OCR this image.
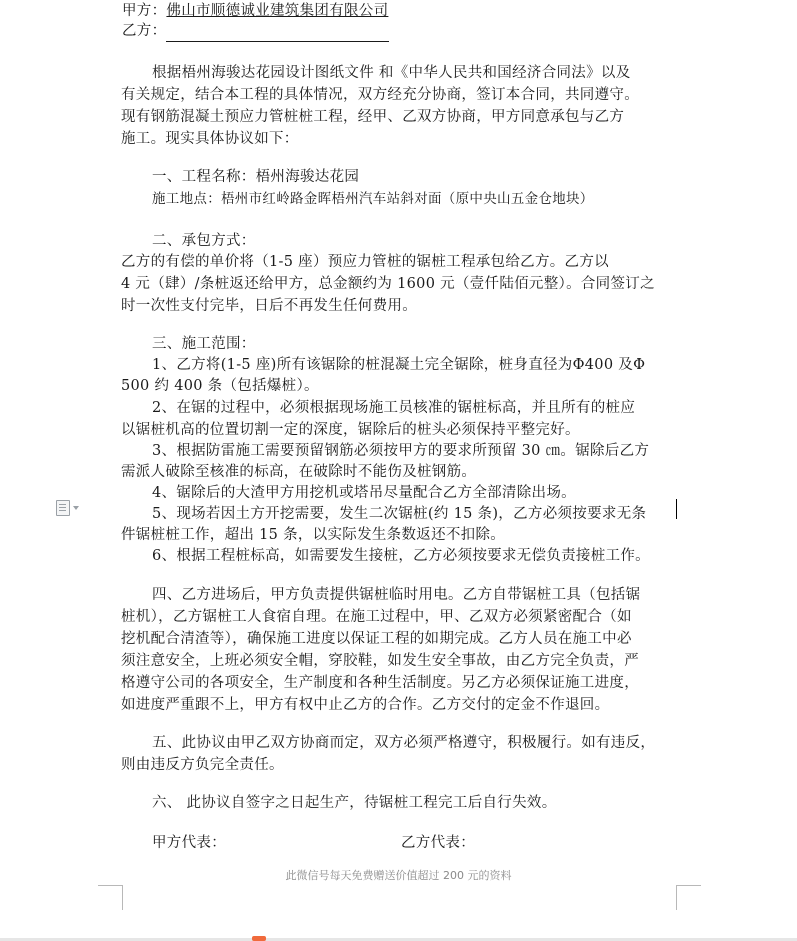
甲方：佛山市顺德诚业建筑集团有限公司
乙方：
根据梧州海骏达花园设计图纸文件 和《中华人民共和国经济合同法》以及
有关规定，结合本工程的具体情况，双方经充分协商，签订本合同，共同遵守。
现有钢筋混凝土预应力管桩桩工程，经甲、乙双方协商，甲方同意承包与乙方
施工。现实具体协议如下：
一、工程名称：梧州海骏达花园
施工地点：梧州市红岭路金晖梧州汽车站斜对面（原中央山五金仓地块）
二、承包方式：
乙方的有偿的单价将（1-5 座）预应力管桩的锯桩工程承包给乙方。乙方以
4 元（肆）/条桩返还给甲方，总金额约为 1600 元（壹仟陆佰元整）。合同签订之
时一次性支付完毕，日后不再发生任何费用。
三、施工范围：
1、乙方将(1-5 座)所有该锯除的桩混凝土完全锯除，桩身直径为Φ400 及Φ
500 约 400 条（包括爆桩）。
2、在锯的过程中，必须根据现场施工员核准的锯桩标高，并且所有的桩应
以锯桩机高的位置切割一定的深度，锯除后的桩头必须保持平整完好。
3、根据防雷施工需要预留钢筋必须按甲方的要求所预留 30 ㎝。锯除后乙方
需派人破除至核准的标高，在破除时不能伤及桩钢筋。
4、锯除后的大渣甲方用挖机或塔吊尽量配合乙方全部清除出场。
5、现场若因土方开挖需要，发生二次锯桩(约 15 条)，乙方必须按要求无条
件锯桩桩工作，超出 15 条，以实际发生条数返还不扣除。
6、根据工程桩标高，如需要发生接桩，乙方必须按要求无偿负责接桩工作。
四、乙方进场后，甲方负责提供锯桩临时用电。乙方自带锯桩工具（包括锯
桩机），乙方锯桩工人食宿自理。在施工过程中，甲、乙双方必须紧密配合（如
挖机配合清渣等），确保施工进度以保证工程的如期完成。乙方人员在施工中必
须注意安全，上班必须安全帽，穿胶鞋，如发生安全事故，由乙方完全负责，严
格遵守公司的各项安全，生产制度和各种生活制度。另乙方必须保证施工进度，
如进度严重跟不上，甲方有权中止乙方的合作。乙方交付的定金不作退回。
五、此协议由甲乙双方协商而定，双方必须严格遵守，积极履行。如有违反，
则由违反方负完全责任。
六、 此协议自签字之日起生产，待锯桩工程完工后自行失效。
甲方代表：	乙方代表：
此微信号每天免费赠送价值超过 200 元的资料
